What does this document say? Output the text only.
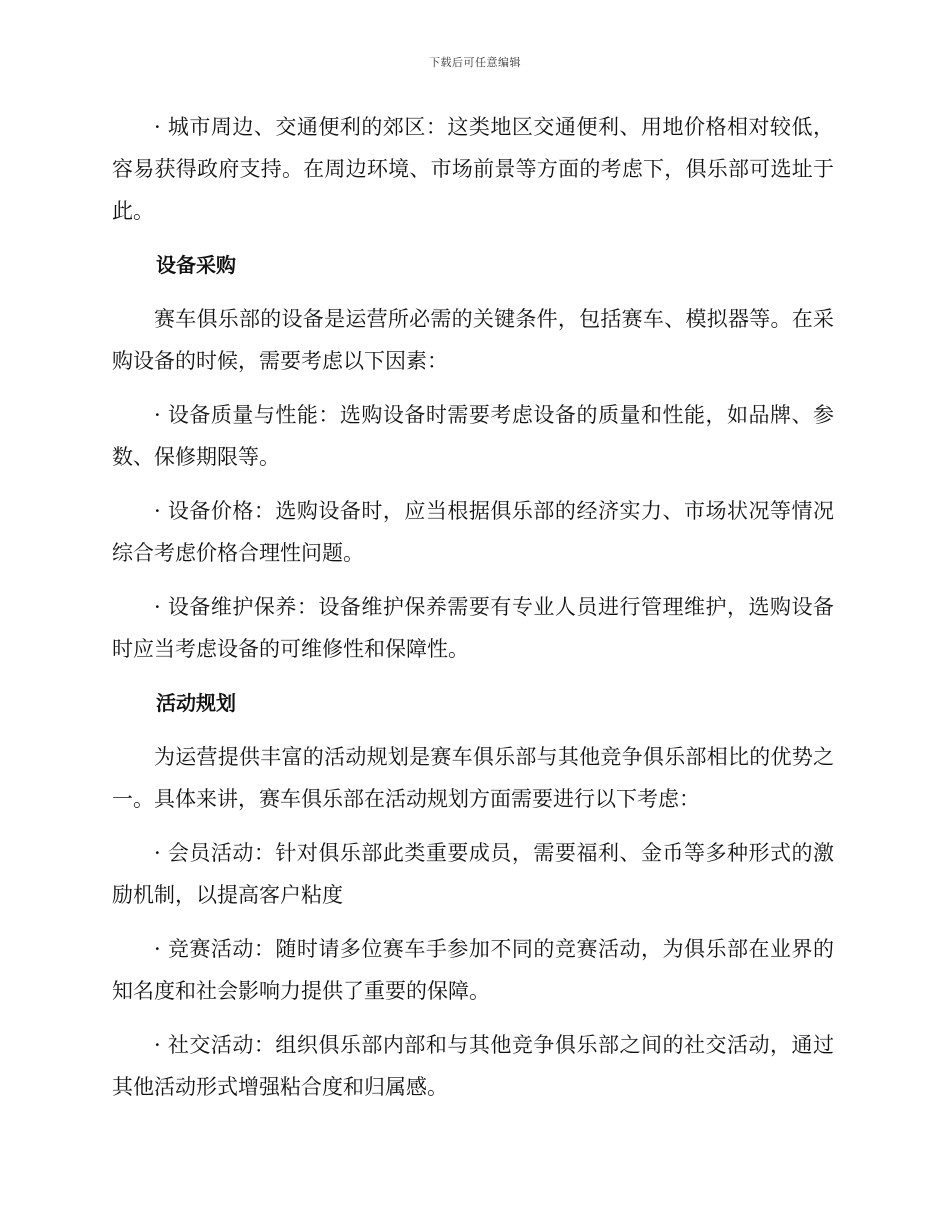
下载后可任意编辑

· 城市周边、交通便利的郊区：这类地区交通便利、用地价格相对较低，容易获得政府支持。在周边环境、市场前景等方面的考虑下，俱乐部可选址于此。

设备采购

赛车俱乐部的设备是运营所必需的关键条件，包括赛车、模拟器等。在采购设备的时候，需要考虑以下因素：

· 设备质量与性能：选购设备时需要考虑设备的质量和性能，如品牌、参数、保修期限等。

· 设备价格：选购设备时，应当根据俱乐部的经济实力、市场状况等情况综合考虑价格合理性问题。

· 设备维护保养：设备维护保养需要有专业人员进行管理维护，选购设备时应当考虑设备的可维修性和保障性。

活动规划

为运营提供丰富的活动规划是赛车俱乐部与其他竞争俱乐部相比的优势之一。具体来讲，赛车俱乐部在活动规划方面需要进行以下考虑：

· 会员活动：针对俱乐部此类重要成员，需要福利、金币等多种形式的激励机制，以提高客户粘度

· 竞赛活动：随时请多位赛车手参加不同的竞赛活动，为俱乐部在业界的知名度和社会影响力提供了重要的保障。

· 社交活动：组织俱乐部内部和与其他竞争俱乐部之间的社交活动，通过其他活动形式增强粘合度和归属感。
